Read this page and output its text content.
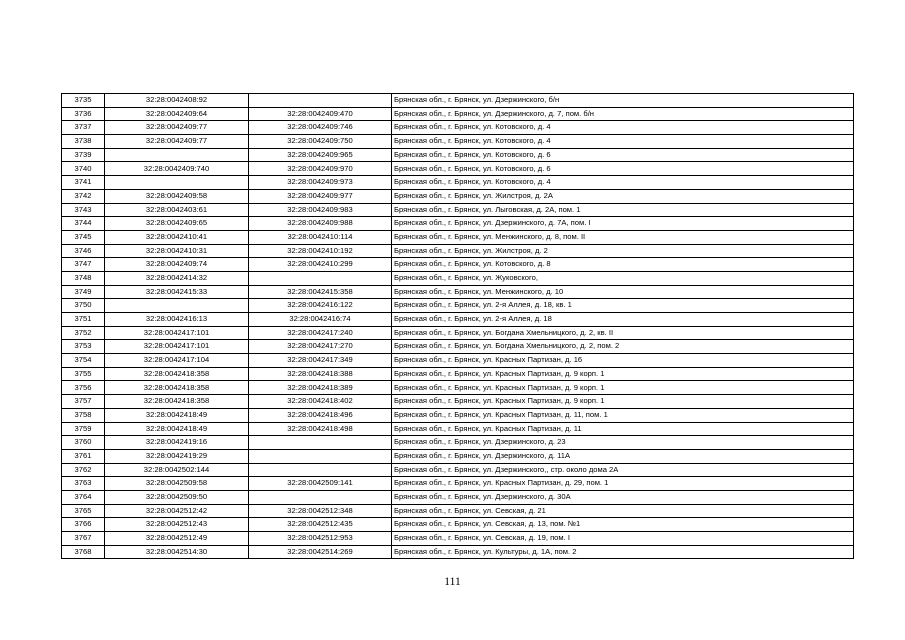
3735	32:28:0042408:92		Брянская обл., г. Брянск, ул. Дзержинского, б/н
3736	32:28:0042409:64	32:28:0042409:470	Брянская обл., г. Брянск, ул. Дзержинского, д. 7, пом. б/н
3737	32:28:0042409:77	32:28:0042409:746	Брянская обл., г. Брянск, ул. Котовского, д. 4
3738	32:28:0042409:77	32:28:0042409:750	Брянская обл., г. Брянск, ул. Котовского, д. 4
3739		32:28:0042409:965	Брянская обл., г. Брянск, ул. Котовского, д. 6
3740	32:28:0042409:740	32:28:0042409:970	Брянская обл., г. Брянск, ул. Котовского, д. 6
3741		32:28:0042409:973	Брянская обл., г. Брянск, ул. Котовского, д. 4
3742	32:28:0042409:58	32:28:0042409:977	Брянская обл., г. Брянск, ул. Жилстроя, д. 2А
3743	32:28:0042403:61	32:28:0042409:983	Брянская обл., г. Брянск, ул. Лыговская, д. 2А, пом. 1
3744	32:28:0042409:65	32:28:0042409:988	Брянская обл., г. Брянск, ул. Дзержинского, д. 7А, пом. I
3745	32:28:0042410:41	32:28:0042410:114	Брянская обл., г. Брянск, ул. Менжинского, д. 8, пом. II
3746	32:28:0042410:31	32:28:0042410:192	Брянская обл., г. Брянск, ул. Жилстроя, д. 2
3747	32:28:0042409:74	32:28:0042410:299	Брянская обл., г. Брянск, ул. Котовского, д. 8
3748	32:28:0042414:32		Брянская обл., г. Брянск, ул. Жуковского,
3749	32:28:0042415:33	32:28:0042415:358	Брянская обл., г. Брянск, ул. Менжинского, д. 10
3750		32:28:0042416:122	Брянская обл., г. Брянск, ул. 2-я Аллея, д. 18, кв. 1
3751	32:28:0042416:13	32:28:0042416:74	Брянская обл., г. Брянск, ул. 2-я Аллея, д. 18
3752	32:28:0042417:101	32:28:0042417:240	Брянская обл., г. Брянск, ул. Богдана Хмельницкого, д. 2, кв. II
3753	32:28:0042417:101	32:28:0042417:270	Брянская обл., г. Брянск, ул. Богдана Хмельницкого, д. 2, пом. 2
3754	32:28:0042417:104	32:28:0042417:349	Брянская обл., г. Брянск, ул. Красных Партизан, д. 16
3755	32:28:0042418:358	32:28:0042418:388	Брянская обл., г. Брянск, ул. Красных Партизан, д. 9 корп. 1
3756	32:28:0042418:358	32:28:0042418:389	Брянская обл., г. Брянск, ул. Красных Партизан, д. 9 корп. 1
3757	32:28:0042418:358	32:28:0042418:402	Брянская обл., г. Брянск, ул. Красных Партизан, д. 9 корп. 1
3758	32:28:0042418:49	32:28:0042418:496	Брянская обл., г. Брянск, ул. Красных Партизан, д. 11, пом. 1
3759	32:28:0042418:49	32:28:0042418:498	Брянская обл., г. Брянск, ул. Красных Партизан, д. 11
3760	32:28:0042419:16		Брянская обл., г. Брянск, ул. Дзержинского, д. 23
3761	32:28:0042419:29		Брянская обл., г. Брянск, ул. Дзержинского, д. 11А
3762	32:28:0042502:144		Брянская обл., г. Брянск, ул. Дзержинского,, стр. около дома 2А
3763	32:28:0042509:58	32:28:0042509:141	Брянская обл., г. Брянск, ул. Красных Партизан, д. 29, пом. 1
3764	32:28:0042509:50		Брянская обл., г. Брянск, ул. Дзержинского, д. 30А
3765	32:28:0042512:42	32:28:0042512:348	Брянская обл., г. Брянск, ул. Севская, д. 21
3766	32:28:0042512:43	32:28:0042512:435	Брянская обл., г. Брянск, ул. Севская, д. 13, пом. №1
3767	32:28:0042512:49	32:28:0042512:953	Брянская обл., г. Брянск, ул. Севская, д. 19, пом. I
3768	32:28:0042514:30	32:28:0042514:269	Брянская обл., г. Брянск, ул. Культуры, д. 1А, пом. 2
111
